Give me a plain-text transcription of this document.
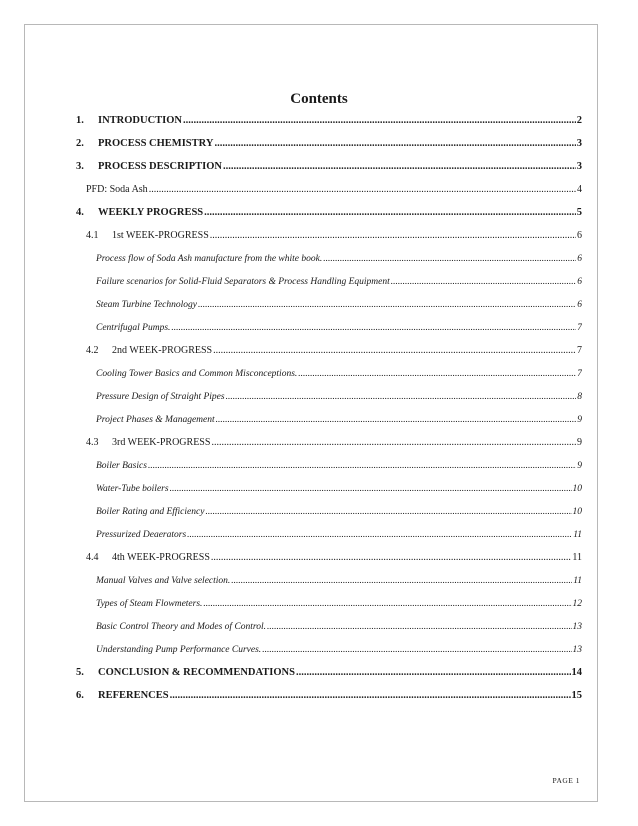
Contents
1.	INTRODUCTION .....	2
2.	PROCESS CHEMISTRY .....	3
3.	PROCESS DESCRIPTION .....	3
PFD: Soda Ash .....	4
4.	WEEKLY PROGRESS .....	5
4.1	1st WEEK-PROGRESS .....	6
Process flow of Soda Ash manufacture from the white book. .....	6
Failure scenarios for Solid-Fluid Separators & Process Handling Equipment .....	6
Steam Turbine Technology .....	6
Centrifugal Pumps. .....	7
4.2	2nd WEEK-PROGRESS .....	7
Cooling Tower Basics and Common Misconceptions. .....	7
Pressure Design of Straight Pipes .....	8
Project Phases & Management .....	9
4.3	3rd WEEK-PROGRESS .....	9
Boiler Basics .....	9
Water-Tube boilers .....	10
Boiler Rating and Efficiency .....	10
Pressurized Deaerators .....	11
4.4	4th WEEK-PROGRESS .....	11
Manual Valves and Valve selection. .....	11
Types of Steam Flowmeters. .....	12
Basic Control Theory and Modes of Control. .....	13
Understanding Pump Performance Curves. .....	13
5.	CONCLUSION & RECOMMENDATIONS .....	14
6.	REFERENCES .....	15
PAGE 1
